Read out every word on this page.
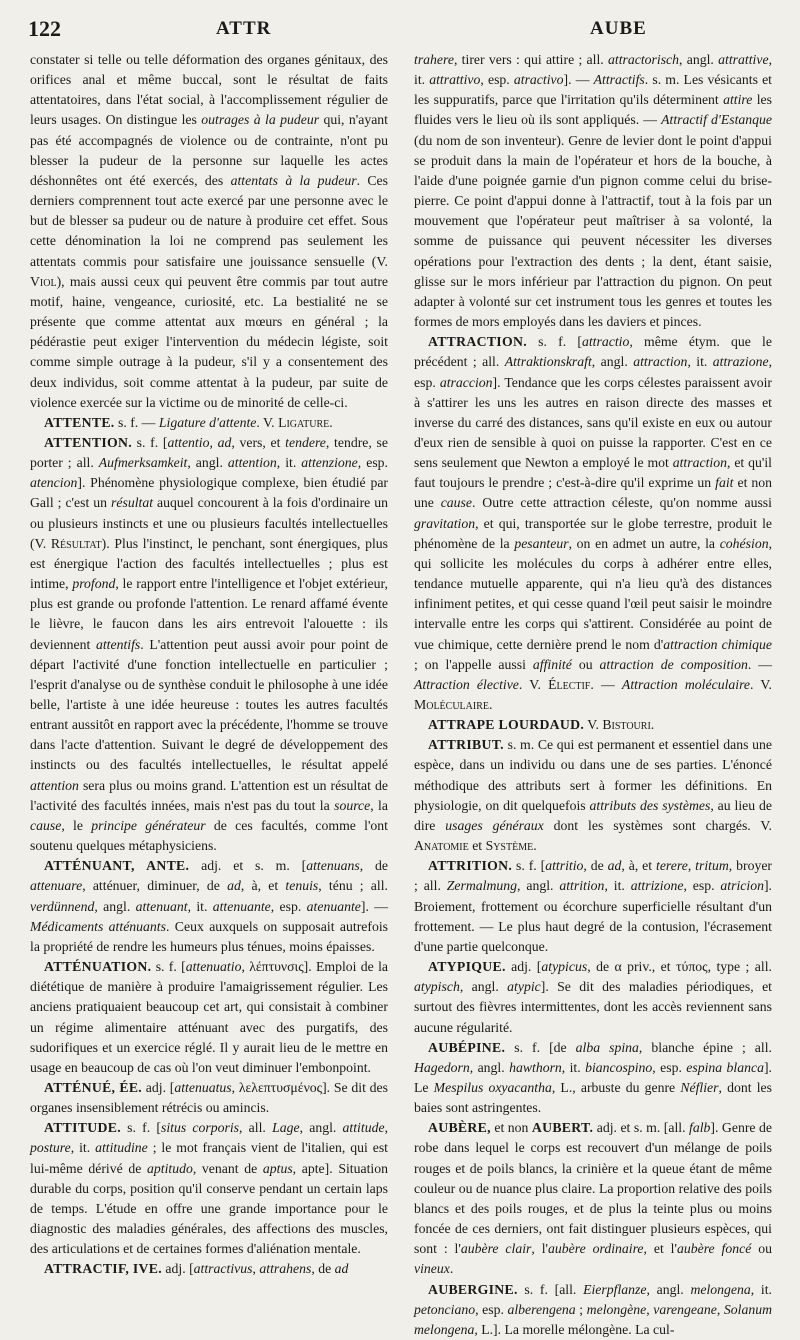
122	ATTR	AUBE

constater si telle ou telle déformation des organes génitaux, des orifices anal et même buccal, sont le résultat de faits attentatoires, dans l'état social, à l'accomplissement régulier de leurs usages. On distingue les outrages à la pudeur qui, n'ayant pas été accompagnés de violence ou de contrainte, n'ont pu blesser la pudeur de la personne sur laquelle les actes déshonnêtes ont été exercés, des attentats à la pudeur. Ces derniers comprennent tout acte exercé par une personne avec le but de blesser sa pudeur ou de nature à produire cet effet. Sous cette dénomination la loi ne comprend pas seulement les attentats commis pour satisfaire une jouissance sensuelle (V. Viol), mais aussi ceux qui peuvent être commis par tout autre motif, haine, vengeance, curiosité, etc. La bestialité ne se présente que comme attentat aux mœurs en général ; la pédérastie peut exiger l'intervention du médecin légiste, soit comme simple outrage à la pudeur, s'il y a consentement des deux individus, soit comme attentat à la pudeur, par suite de violence exercée sur la victime ou de minorité de celle-ci.

ATTENTE. s. f. — Ligature d'attente. V. Ligature.

ATTENTION. s. f. [attentio, ad, vers, et tendere, tendre, se porter ; all. Aufmerksamkeit, angl. attention, it. attenzione, esp. atencion]. Phénomène physiologique complexe, bien étudié par Gall ; c'est un résultat auquel concourent à la fois d'ordinaire un ou plusieurs instincts et une ou plusieurs facultés intellectuelles (V. Résultat). Plus l'instinct, le penchant, sont énergiques, plus est énergique l'action des facultés intellectuelles ; plus est intime, profond, le rapport entre l'intelligence et l'objet extérieur, plus est grande ou profonde l'attention. Le renard affamé évente le lièvre, le faucon dans les airs entrevoit l'alouette : ils deviennent attentifs. L'attention peut aussi avoir pour point de départ l'activité d'une fonction intellectuelle en particulier ; l'esprit d'analyse ou de synthèse conduit le philosophe à une idée belle, l'artiste à une idée heureuse : toutes les autres facultés entrant aussitôt en rapport avec la précédente, l'homme se trouve dans l'acte d'attention. Suivant le degré de développement des instincts ou des facultés intellectuelles, le résultat appelé attention sera plus ou moins grand. L'attention est un résultat de l'activité des facultés innées, mais n'est pas du tout la source, la cause, le principe générateur de ces facultés, comme l'ont soutenu quelques métaphysiciens.

ATTÉNUANT, ANTE. adj. et s. m. [attenuans, de attenuare, atténuer, diminuer, de ad, à, et tenuis, ténu ; all. verdünnend, angl. attenuant, it. attenuante, esp. atenuante]. — Médicaments atténuants. Ceux auxquels on supposait autrefois la propriété de rendre les humeurs plus ténues, moins épaisses.

ATTÉNUATION. s. f. [attenuatio, λέπτυνσις]. Emploi de la diététique de manière à produire l'amaigrissement régulier. Les anciens pratiquaient beaucoup cet art, qui consistait à combiner un régime alimentaire atténuant avec des purgatifs, des sudorifiques et un exercice réglé. Il y aurait lieu de le mettre en usage en beaucoup de cas où l'on veut diminuer l'embonpoint.

ATTÉNUÉ, ÉE. adj. [attenuatus, λελεπτυσμένος]. Se dit des organes insensiblement rétrécis ou amincis.

ATTITUDE. s. f. [situs corporis, all. Lage, angl. attitude, posture, it. attitudine ; le mot français vient de l'italien, qui est lui-même dérivé de aptitudo, venant de aptus, apte]. Situation durable du corps, position qu'il conserve pendant un certain laps de temps. L'étude en offre une grande importance pour le diagnostic des maladies générales, des affections des muscles, des articulations et de certaines formes d'aliénation mentale.

ATTRACTIF, IVE. adj. [attractivus, attrahens, de ad

trahere, tirer vers : qui attire ; all. attractorisch, angl. attrattive, it. attrattivo, esp. atractivo]. — Attractifs. s. m. Les vésicants et les suppuratifs, parce que l'irritation qu'ils déterminent attire les fluides vers le lieu où ils sont appliqués. — Attractif d'Estanque (du nom de son inventeur). Genre de levier dont le point d'appui se produit dans la main de l'opérateur et hors de la bouche, à l'aide d'une poignée garnie d'un pignon comme celui du brise-pierre. Ce point d'appui donne à l'attractif, tout à la fois par un mouvement que l'opérateur peut maîtriser à sa volonté, la somme de puissance qui peuvent nécessiter les diverses opérations pour l'extraction des dents ; la dent, étant saisie, glisse sur le mors inférieur par l'attraction du pignon. On peut adapter à volonté sur cet instrument tous les genres et toutes les formes de mors employés dans les daviers et pinces.

ATTRACTION. s. f. [attractio, même étym. que le précédent ; all. Attraktionskraft, angl. attraction, it. attrazione, esp. atraccion]. Tendance que les corps célestes paraissent avoir à s'attirer les uns les autres en raison directe des masses et inverse du carré des distances, sans qu'il existe en eux ou autour d'eux rien de sensible à quoi on puisse la rapporter. C'est en ce sens seulement que Newton a employé le mot attraction, et qu'il faut toujours le prendre ; c'est-à-dire qu'il exprime un fait et non une cause. Outre cette attraction céleste, qu'on nomme aussi gravitation, et qui, transportée sur le globe terrestre, produit le phénomène de la pesanteur, on en admet un autre, la cohésion, qui sollicite les molécules du corps à adhérer entre elles, tendance mutuelle apparente, qui n'a lieu qu'à des distances infiniment petites, et qui cesse quand l'œil peut saisir le moindre intervalle entre les corps qui s'attirent. Considérée au point de vue chimique, cette dernière prend le nom d'attraction chimique ; on l'appelle aussi affinité ou attraction de composition. — Attraction élective. V. Électif. — Attraction moléculaire. V. Moléculaire.

ATTRAPE LOURDAUD. V. Bistouri.

ATTRIBUT. s. m. Ce qui est permanent et essentiel dans une espèce, dans un individu ou dans une de ses parties. L'énoncé méthodique des attributs sert à former les définitions. En physiologie, on dit quelquefois attributs des systèmes, au lieu de dire usages généraux dont les systèmes sont chargés. V. Anatomie et Système.

ATTRITION. s. f. [attritio, de ad, à, et terere, tritum, broyer ; all. Zermalmung, angl. attrition, it. attrizione, esp. atricion]. Broiement, frottement ou écorchure superficielle résultant d'un frottement. — Le plus haut degré de la contusion, l'écrasement d'une partie quelconque.

ATYPIQUE. adj. [atypicus, de α priv., et τύπος, type ; all. atypisch, angl. atypic]. Se dit des maladies périodiques, et surtout des fièvres intermittentes, dont les accès reviennent sans aucune régularité.

AUBÉPINE. s. f. [de alba spina, blanche épine ; all. Hagedorn, angl. hawthorn, it. biancospino, esp. espina blanca]. Le Mespilus oxyacantha, L., arbuste du genre Néflier, dont les baies sont astringentes.

AUBÈRE, et non AUBERT. adj. et s. m. [all. falb]. Genre de robe dans lequel le corps est recouvert d'un mélange de poils rouges et de poils blancs, la crinière et la queue étant de même couleur ou de nuance plus claire. La proportion relative des poils blancs et des poils rouges, et de plus la teinte plus ou moins foncée de ces derniers, ont fait distinguer plusieurs espèces, qui sont : l'aubère clair, l'aubère ordinaire, et l'aubère foncé ou vineux.

AUBERGINE. s. f. [all. Eierpflanze, angl. melongena, it. petonciano, esp. alberengena ; melongène, varengeane, Solanum melongena, L.]. La morelle mélongène. La cul-
